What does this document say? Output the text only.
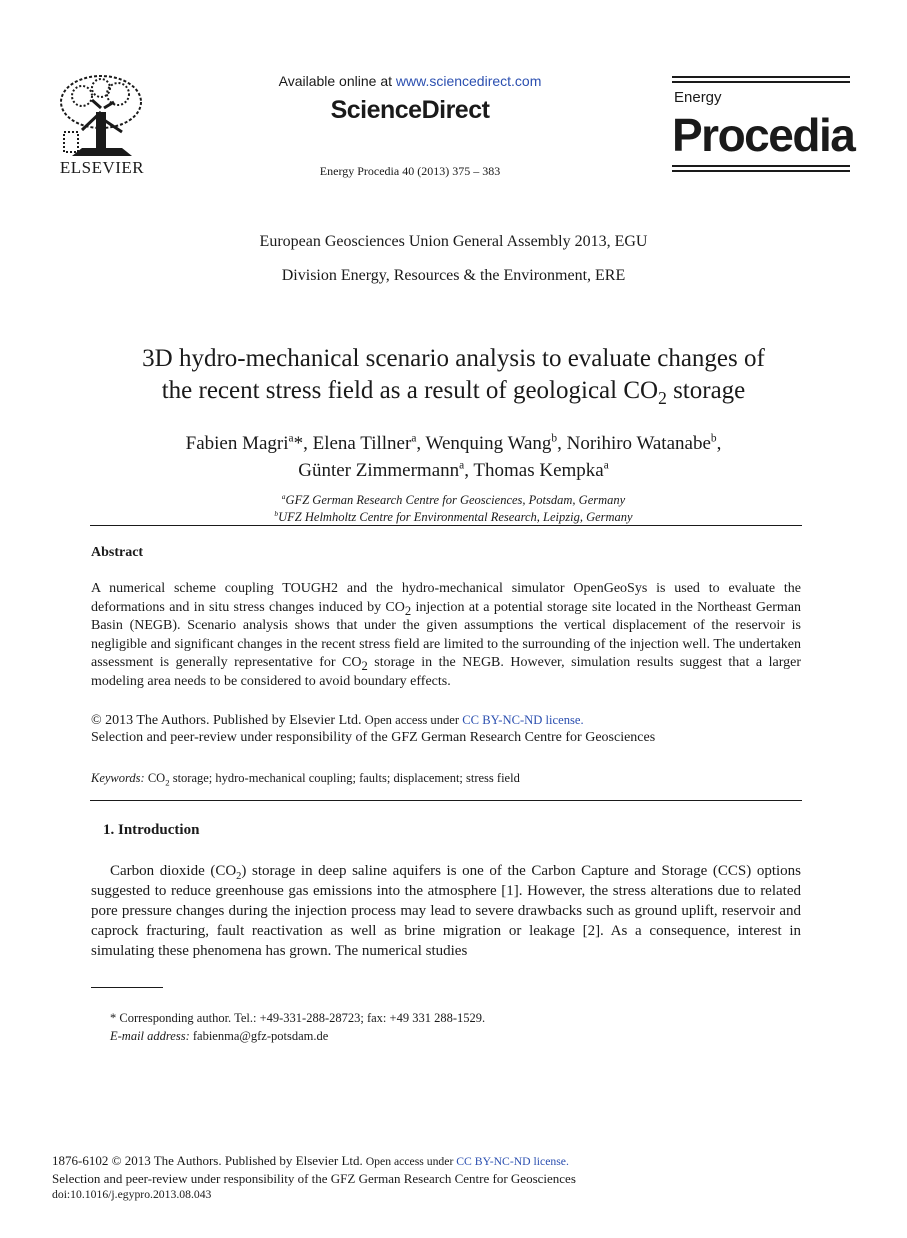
ELSEVIER
Available online at www.sciencedirect.com
ScienceDirect
Energy Procedia 40 (2013) 375 – 383
Energy
Procedia
European Geosciences Union General Assembly 2013, EGU
Division Energy, Resources & the Environment, ERE
3D hydro-mechanical scenario analysis to evaluate changes of
the recent stress field as a result of geological $CO_2$ storage
Fabien Magri$^a$*, Elena Tillner$^a$, Wenquing Wang$^b$, Norihiro Watanabe$^b$,
Günter Zimmermann$^a$, Thomas Kempka$^a$
$^a$GFZ German Research Centre for Geosciences, Potsdam, Germany
$^b$UFZ Helmholtz Centre for Environmental Research, Leipzig, Germany
Abstract
A numerical scheme coupling TOUGH2 and the hydro-mechanical simulator OpenGeoSys is used to evaluate the deformations and in situ stress changes induced by $CO_2$ injection at a potential storage site located in the Northeast German Basin (NEGB). Scenario analysis shows that under the given assumptions the vertical displacement of the reservoir is negligible and significant changes in the recent stress field are limited to the surrounding of the injection well. The undertaken assessment is generally representative for $CO_2$ storage in the NEGB. However, simulation results suggest that a larger modeling area needs to be considered to avoid boundary effects.
© 2013 The Authors. Published by Elsevier Ltd. Open access under CC BY-NC-ND license.
Selection and peer-review under responsibility of the GFZ German Research Centre for Geosciences
Keywords: $CO_2$ storage; hydro-mechanical coupling; faults; displacement; stress field
1. Introduction
Carbon dioxide $(CO_2)$ storage in deep saline aquifers is one of the Carbon Capture and Storage (CCS) options suggested to reduce greenhouse gas emissions into the atmosphere [1]. However, the stress alterations due to related pore pressure changes during the injection process may lead to severe drawbacks such as ground uplift, reservoir and caprock fracturing, fault reactivation as well as brine migration or leakage [2]. As a consequence, interest in simulating these phenomena has grown. The numerical studies
* Corresponding author. Tel.: +49-331-288-28723; fax: +49 331 288-1529.
E-mail address: fabienma@gfz-potsdam.de
1876-6102 © 2013 The Authors. Published by Elsevier Ltd. Open access under CC BY-NC-ND license.
Selection and peer-review under responsibility of the GFZ German Research Centre for Geosciences
doi:10.1016/j.egypro.2013.08.043
